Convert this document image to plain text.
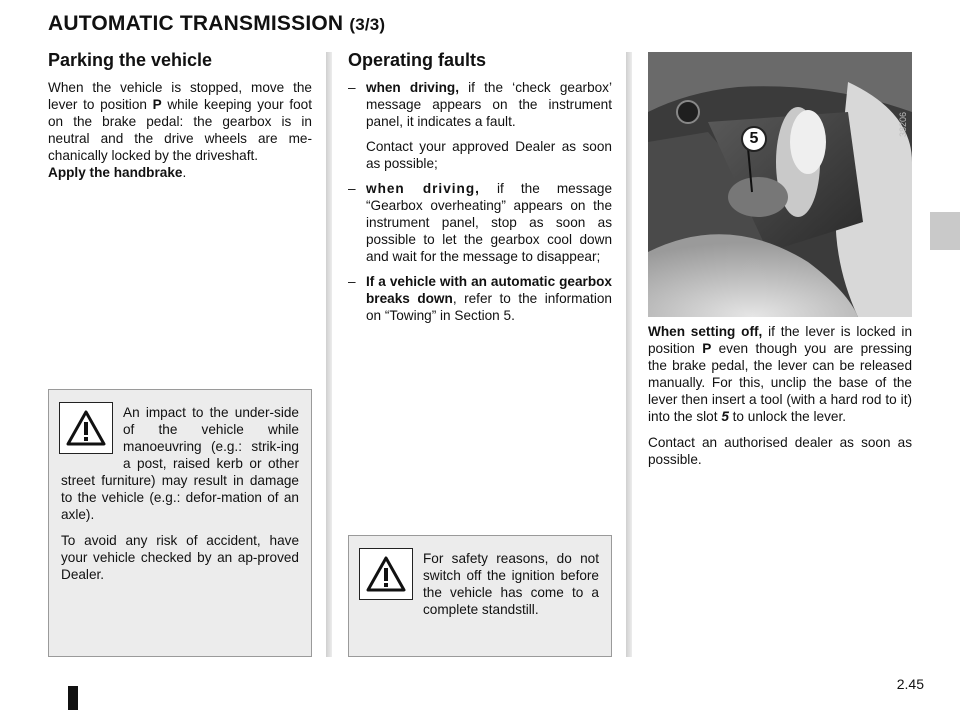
AUTOMATIC TRANSMISSION (3/3)
Parking the vehicle

When the vehicle is stopped, move the lever to position P while keeping your foot on the brake pedal: the gearbox is in neutral and the drive wheels are me-chanically locked by the driveshaft.
Apply the handbrake.

Operating faults

– when driving, if the ‘check gearbox’ message appears on the instrument panel, it indicates a fault.

Contact your approved Dealer as soon as possible;

– when driving, if the message “Gearbox overheating” appears on the instrument panel, stop as soon as possible to let the gearbox cool down and wait for the message to disappear;

– If a vehicle with an automatic gearbox breaks down, refer to the information on “Towing” in Section 5.

38206
5

When setting off, if the lever is locked in position P even though you are pressing the brake pedal, the lever can be released manually. For this, unclip the base of the lever then insert a tool (with a hard rod to it) into the slot 5 to unlock the lever.

Contact an authorised dealer as soon as possible.

An impact to the under-side of the vehicle while manoeuvring (e.g.: strik-ing a post, raised kerb or other street furniture) may result in damage to the vehicle (e.g.: defor-mation of an axle).

To avoid any risk of accident, have your vehicle checked by an ap-proved Dealer.

For safety reasons, do not switch off the ignition before the vehicle has come to a complete standstill.

2.45
